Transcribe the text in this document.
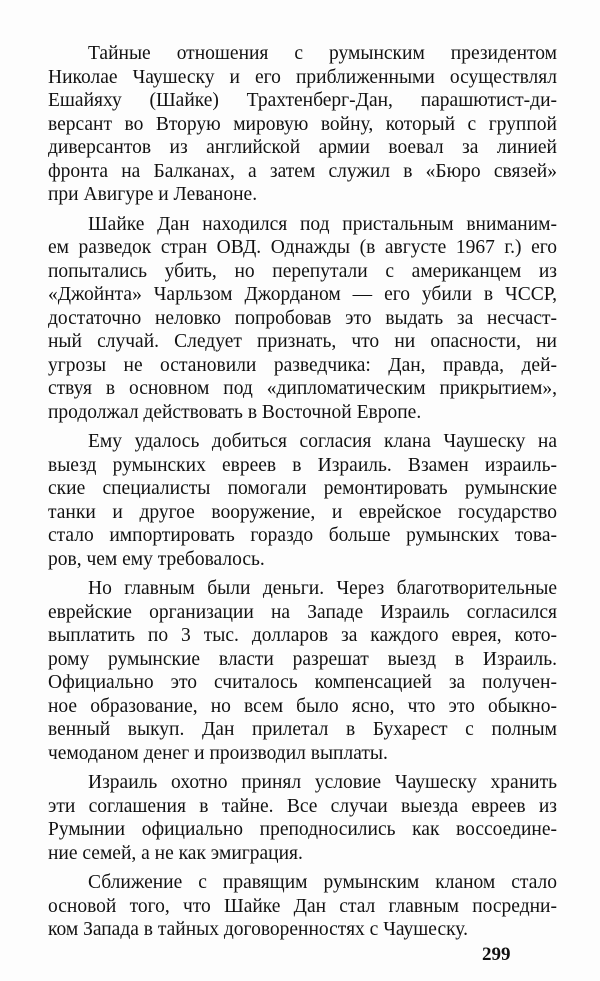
Тайные отношения с румынским президентом
Николае Чаушеску и его приближенными осуществлял
Ешайяху (Шайке) Трахтенберг-Дан, парашютист-ди-
версант во Вторую мировую войну, который с группой
диверсантов из английской армии воевал за линией
фронта на Балканах, а затем служил в «Бюро связей»
при Авигуре и Леваноне.
Шайке Дан находился под пристальным вниманим-
ем разведок стран ОВД. Однажды (в августе 1967 г.) его
попытались убить, но перепутали с американцем из
«Джойнта» Чарльзом Джорданом — его убили в ЧССР,
достаточно неловко попробовав это выдать за несчаст-
ный случай. Следует признать, что ни опасности, ни
угрозы не остановили разведчика: Дан, правда, дей-
ствуя в основном под «дипломатическим прикрытием»,
продолжал действовать в Восточной Европе.
Ему удалось добиться согласия клана Чаушеску на
выезд румынских евреев в Израиль. Взамен израиль-
ские специалисты помогали ремонтировать румынские
танки и другое вооружение, и еврейское государство
стало импортировать гораздо больше румынских това-
ров, чем ему требовалось.
Но главным были деньги. Через благотворительные
еврейские организации на Западе Израиль согласился
выплатить по 3 тыс. долларов за каждого еврея, кото-
рому румынские власти разрешат выезд в Израиль.
Официально это считалось компенсацией за получен-
ное образование, но всем было ясно, что это обыкно-
венный выкуп. Дан прилетал в Бухарест с полным
чемоданом денег и производил выплаты.
Израиль охотно принял условие Чаушеску хранить
эти соглашения в тайне. Все случаи выезда евреев из
Румынии официально преподносились как воссоедине-
ние семей, а не как эмиграция.
Сближение с правящим румынским кланом стало
основой того, что Шайке Дан стал главным посредни-
ком Запада в тайных договоренностях с Чаушеску.
299
